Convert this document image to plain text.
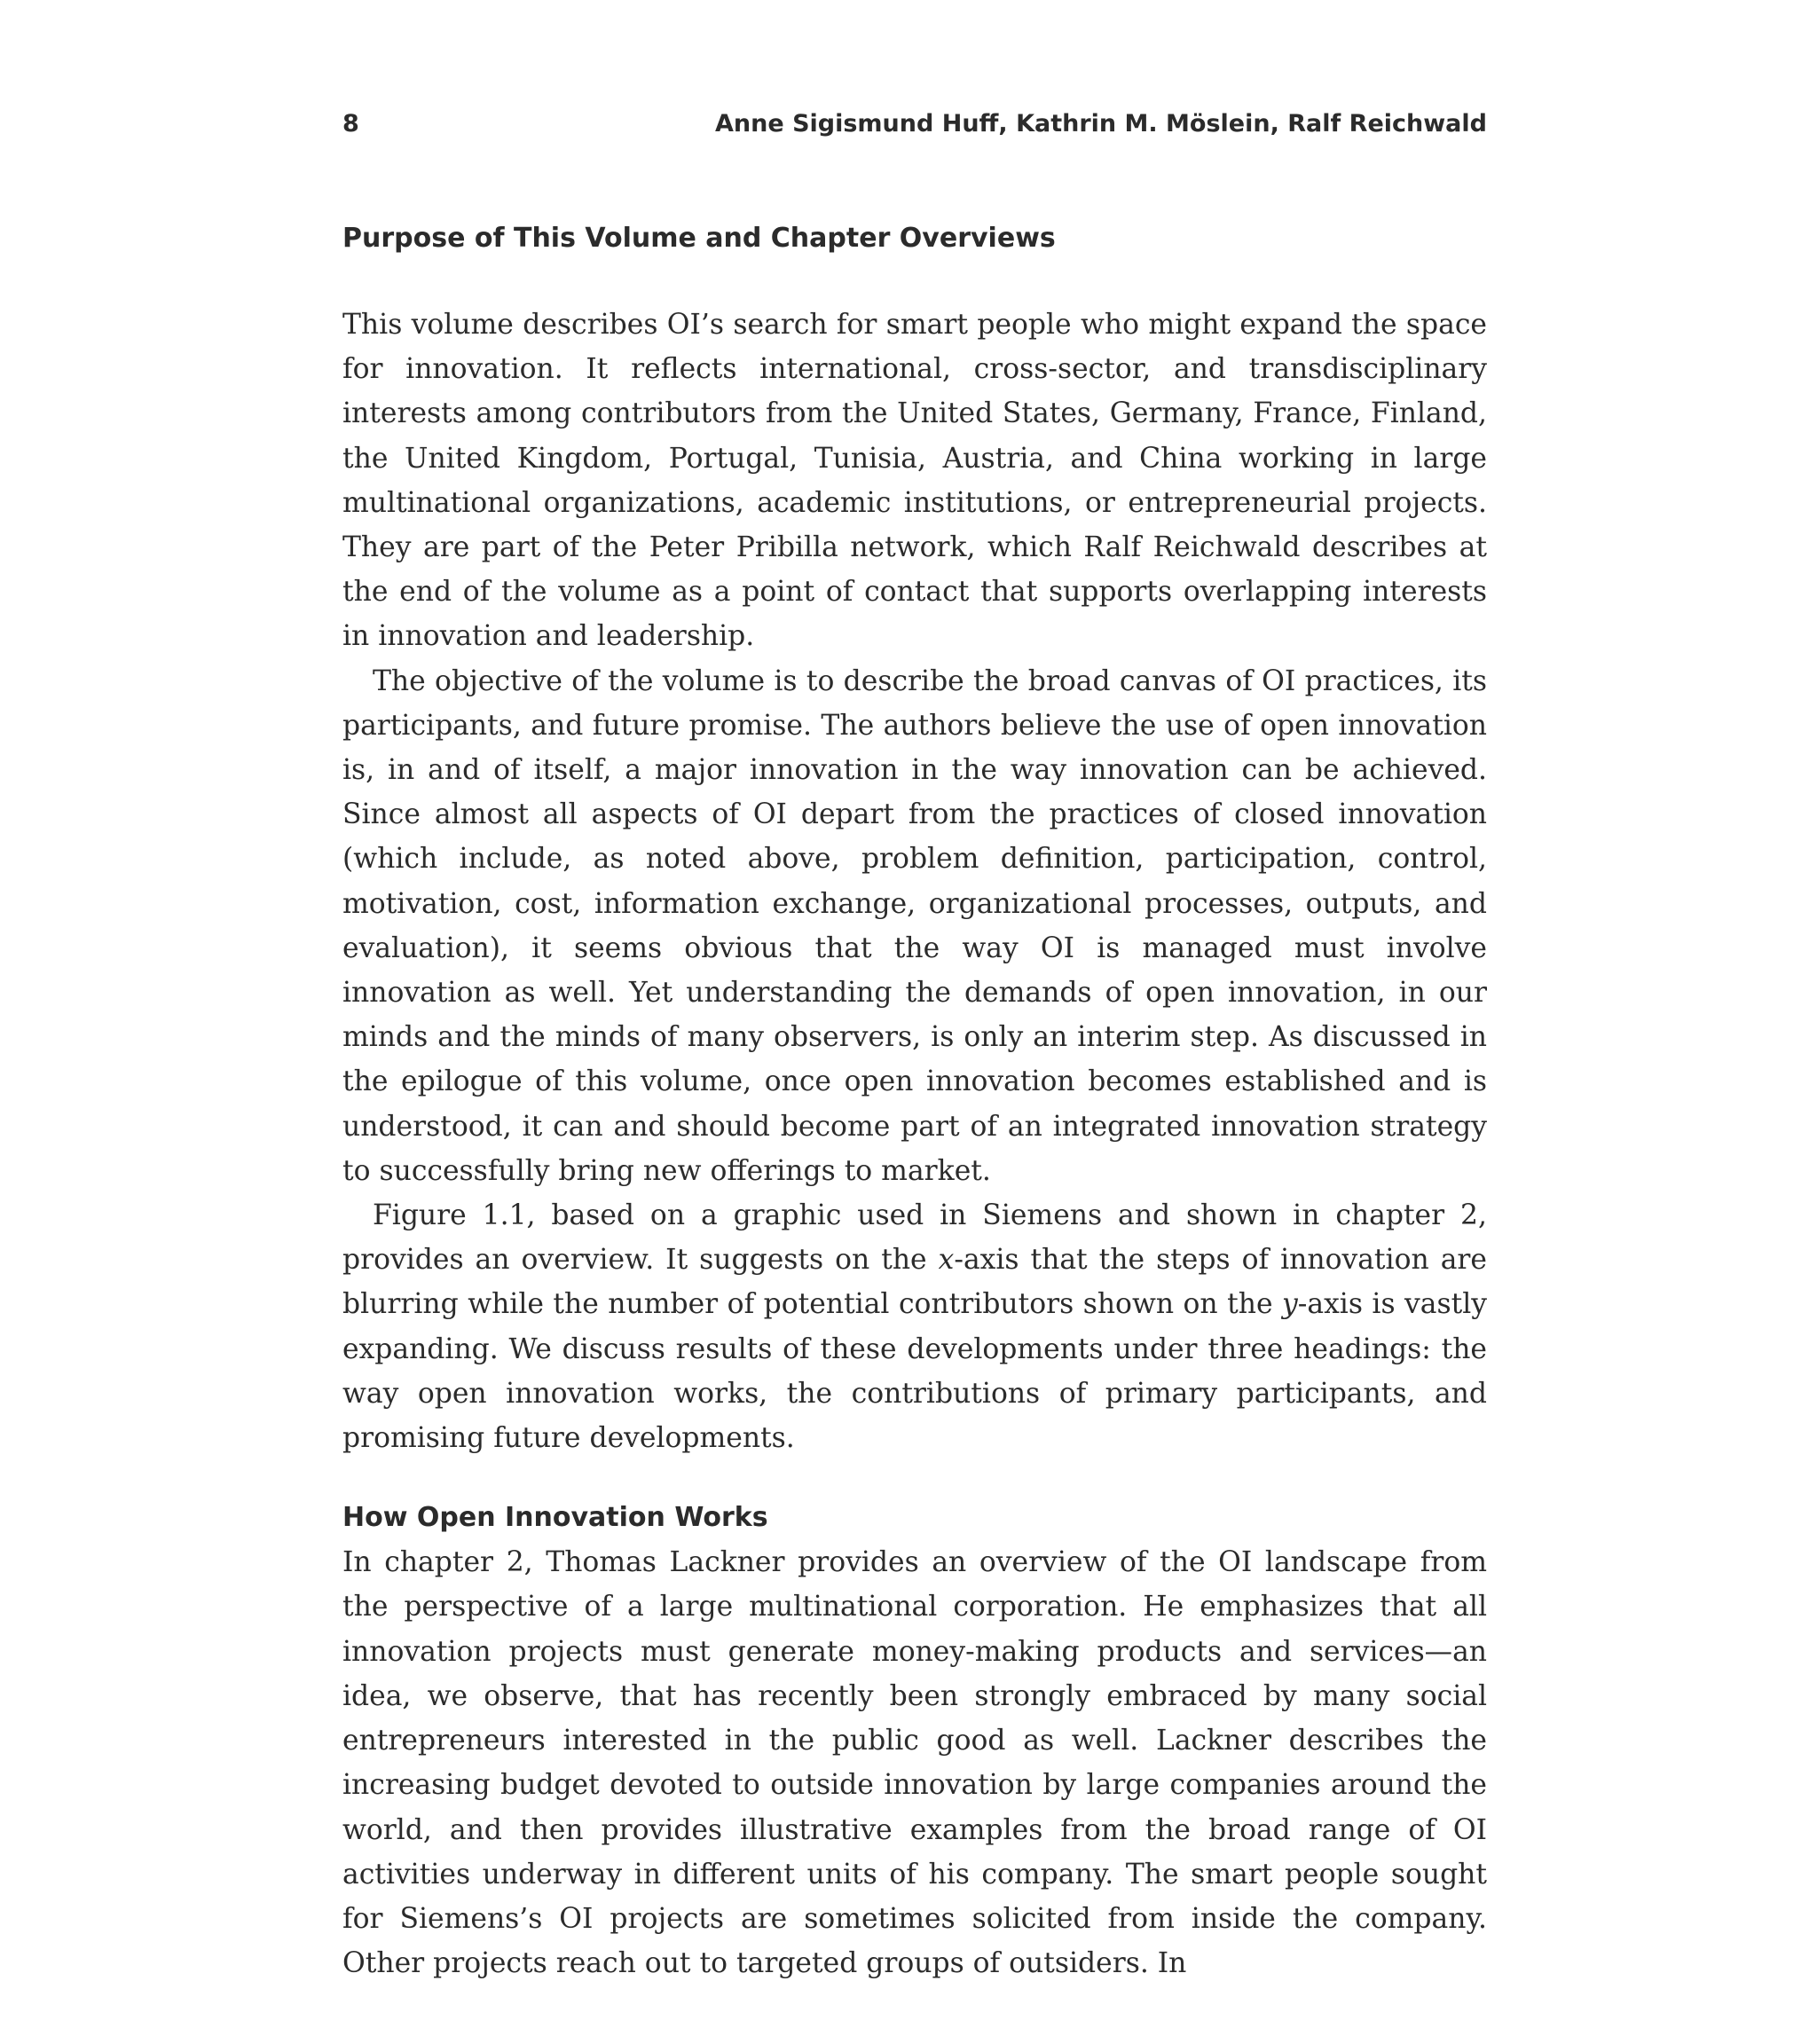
8	Anne Sigismund Huff, Kathrin M. Möslein, Ralf Reichwald
Purpose of This Volume and Chapter Overviews

This volume describes OI’s search for smart people who might expand the space for innovation. It reflects international, cross-sector, and transdisciplinary interests among contributors from the United States, Germany, France, Finland, the United Kingdom, Portugal, Tunisia, Austria, and China working in large multinational organizations, academic institutions, or entrepreneurial projects. They are part of the Peter Pribilla network, which Ralf Reichwald describes at the end of the volume as a point of contact that supports overlapping interests in innovation and leadership.

The objective of the volume is to describe the broad canvas of OI practices, its participants, and future promise. The authors believe the use of open innovation is, in and of itself, a major innovation in the way innovation can be achieved. Since almost all aspects of OI depart from the practices of closed innovation (which include, as noted above, problem definition, participation, control, motivation, cost, information exchange, organizational processes, outputs, and evaluation), it seems obvious that the way OI is managed must involve innovation as well. Yet understanding the demands of open innovation, in our minds and the minds of many observers, is only an interim step. As discussed in the epilogue of this volume, once open innovation becomes established and is understood, it can and should become part of an integrated innovation strategy to successfully bring new offerings to market.

Figure 1.1, based on a graphic used in Siemens and shown in chapter 2, provides an overview. It suggests on the x-axis that the steps of innovation are blurring while the number of potential contributors shown on the y-axis is vastly expanding. We discuss results of these developments under three headings: the way open innovation works, the contributions of primary participants, and promising future developments.

How Open Innovation Works

In chapter 2, Thomas Lackner provides an overview of the OI landscape from the perspective of a large multinational corporation. He emphasizes that all innovation projects must generate money-making products and services—an idea, we observe, that has recently been strongly embraced by many social entrepreneurs interested in the public good as well. Lackner describes the increasing budget devoted to outside innovation by large companies around the world, and then provides illustrative examples from the broad range of OI activities underway in different units of his company. The smart people sought for Siemens’s OI projects are sometimes solicited from inside the company. Other projects reach out to targeted groups of outsiders. In
